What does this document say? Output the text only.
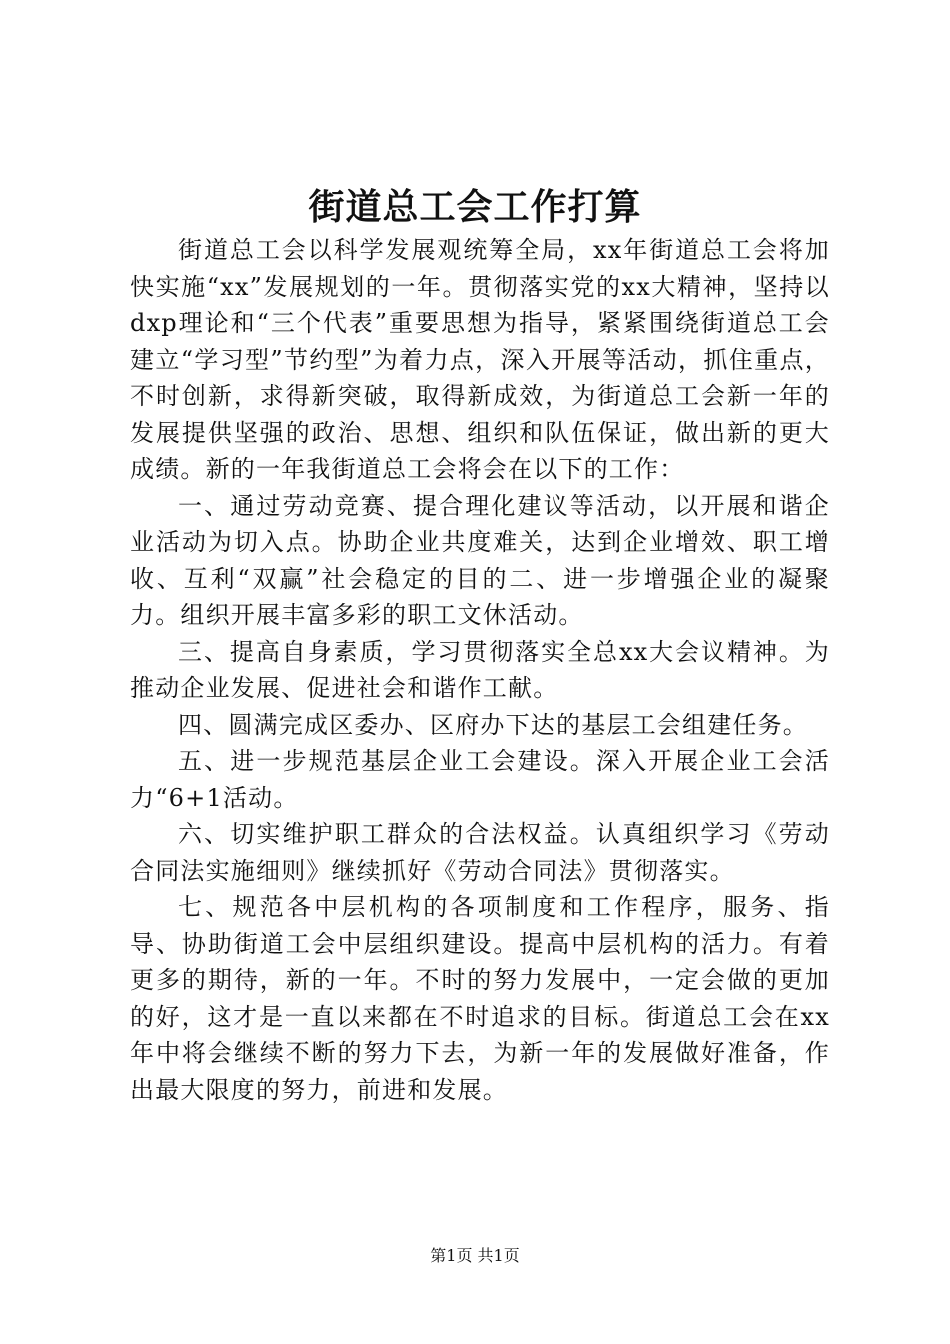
街道总工会工作打算

街道总工会以科学发展观统筹全局，xx年街道总工会将加快实施“xx”发展规划的一年。贯彻落实党的xx大精神，坚持以dxp理论和“三个代表”重要思想为指导，紧紧围绕街道总工会建立“学习型”节约型”为着力点，深入开展等活动，抓住重点，不时创新，求得新突破，取得新成效，为街道总工会新一年的发展提供坚强的政治、思想、组织和队伍保证，做出新的更大成绩。新的一年我街道总工会将会在以下的工作：

一、通过劳动竞赛、提合理化建议等活动，以开展和谐企业活动为切入点。协助企业共度难关，达到企业增效、职工增收、互利“双赢”社会稳定的目的二、进一步增强企业的凝聚力。组织开展丰富多彩的职工文休活动。

三、提高自身素质，学习贯彻落实全总xx大会议精神。为推动企业发展、促进社会和谐作工献。

四、圆满完成区委办、区府办下达的基层工会组建任务。

五、进一步规范基层企业工会建设。深入开展企业工会活力“6+1活动。

六、切实维护职工群众的合法权益。认真组织学习《劳动合同法实施细则》继续抓好《劳动合同法》贯彻落实。

七、规范各中层机构的各项制度和工作程序，服务、指导、协助街道工会中层组织建设。提高中层机构的活力。有着更多的期待，新的一年。不时的努力发展中，一定会做的更加的好，这才是一直以来都在不时追求的目标。街道总工会在xx年中将会继续不断的努力下去，为新一年的发展做好准备，作出最大限度的努力，前进和发展。

第1页 共1页
